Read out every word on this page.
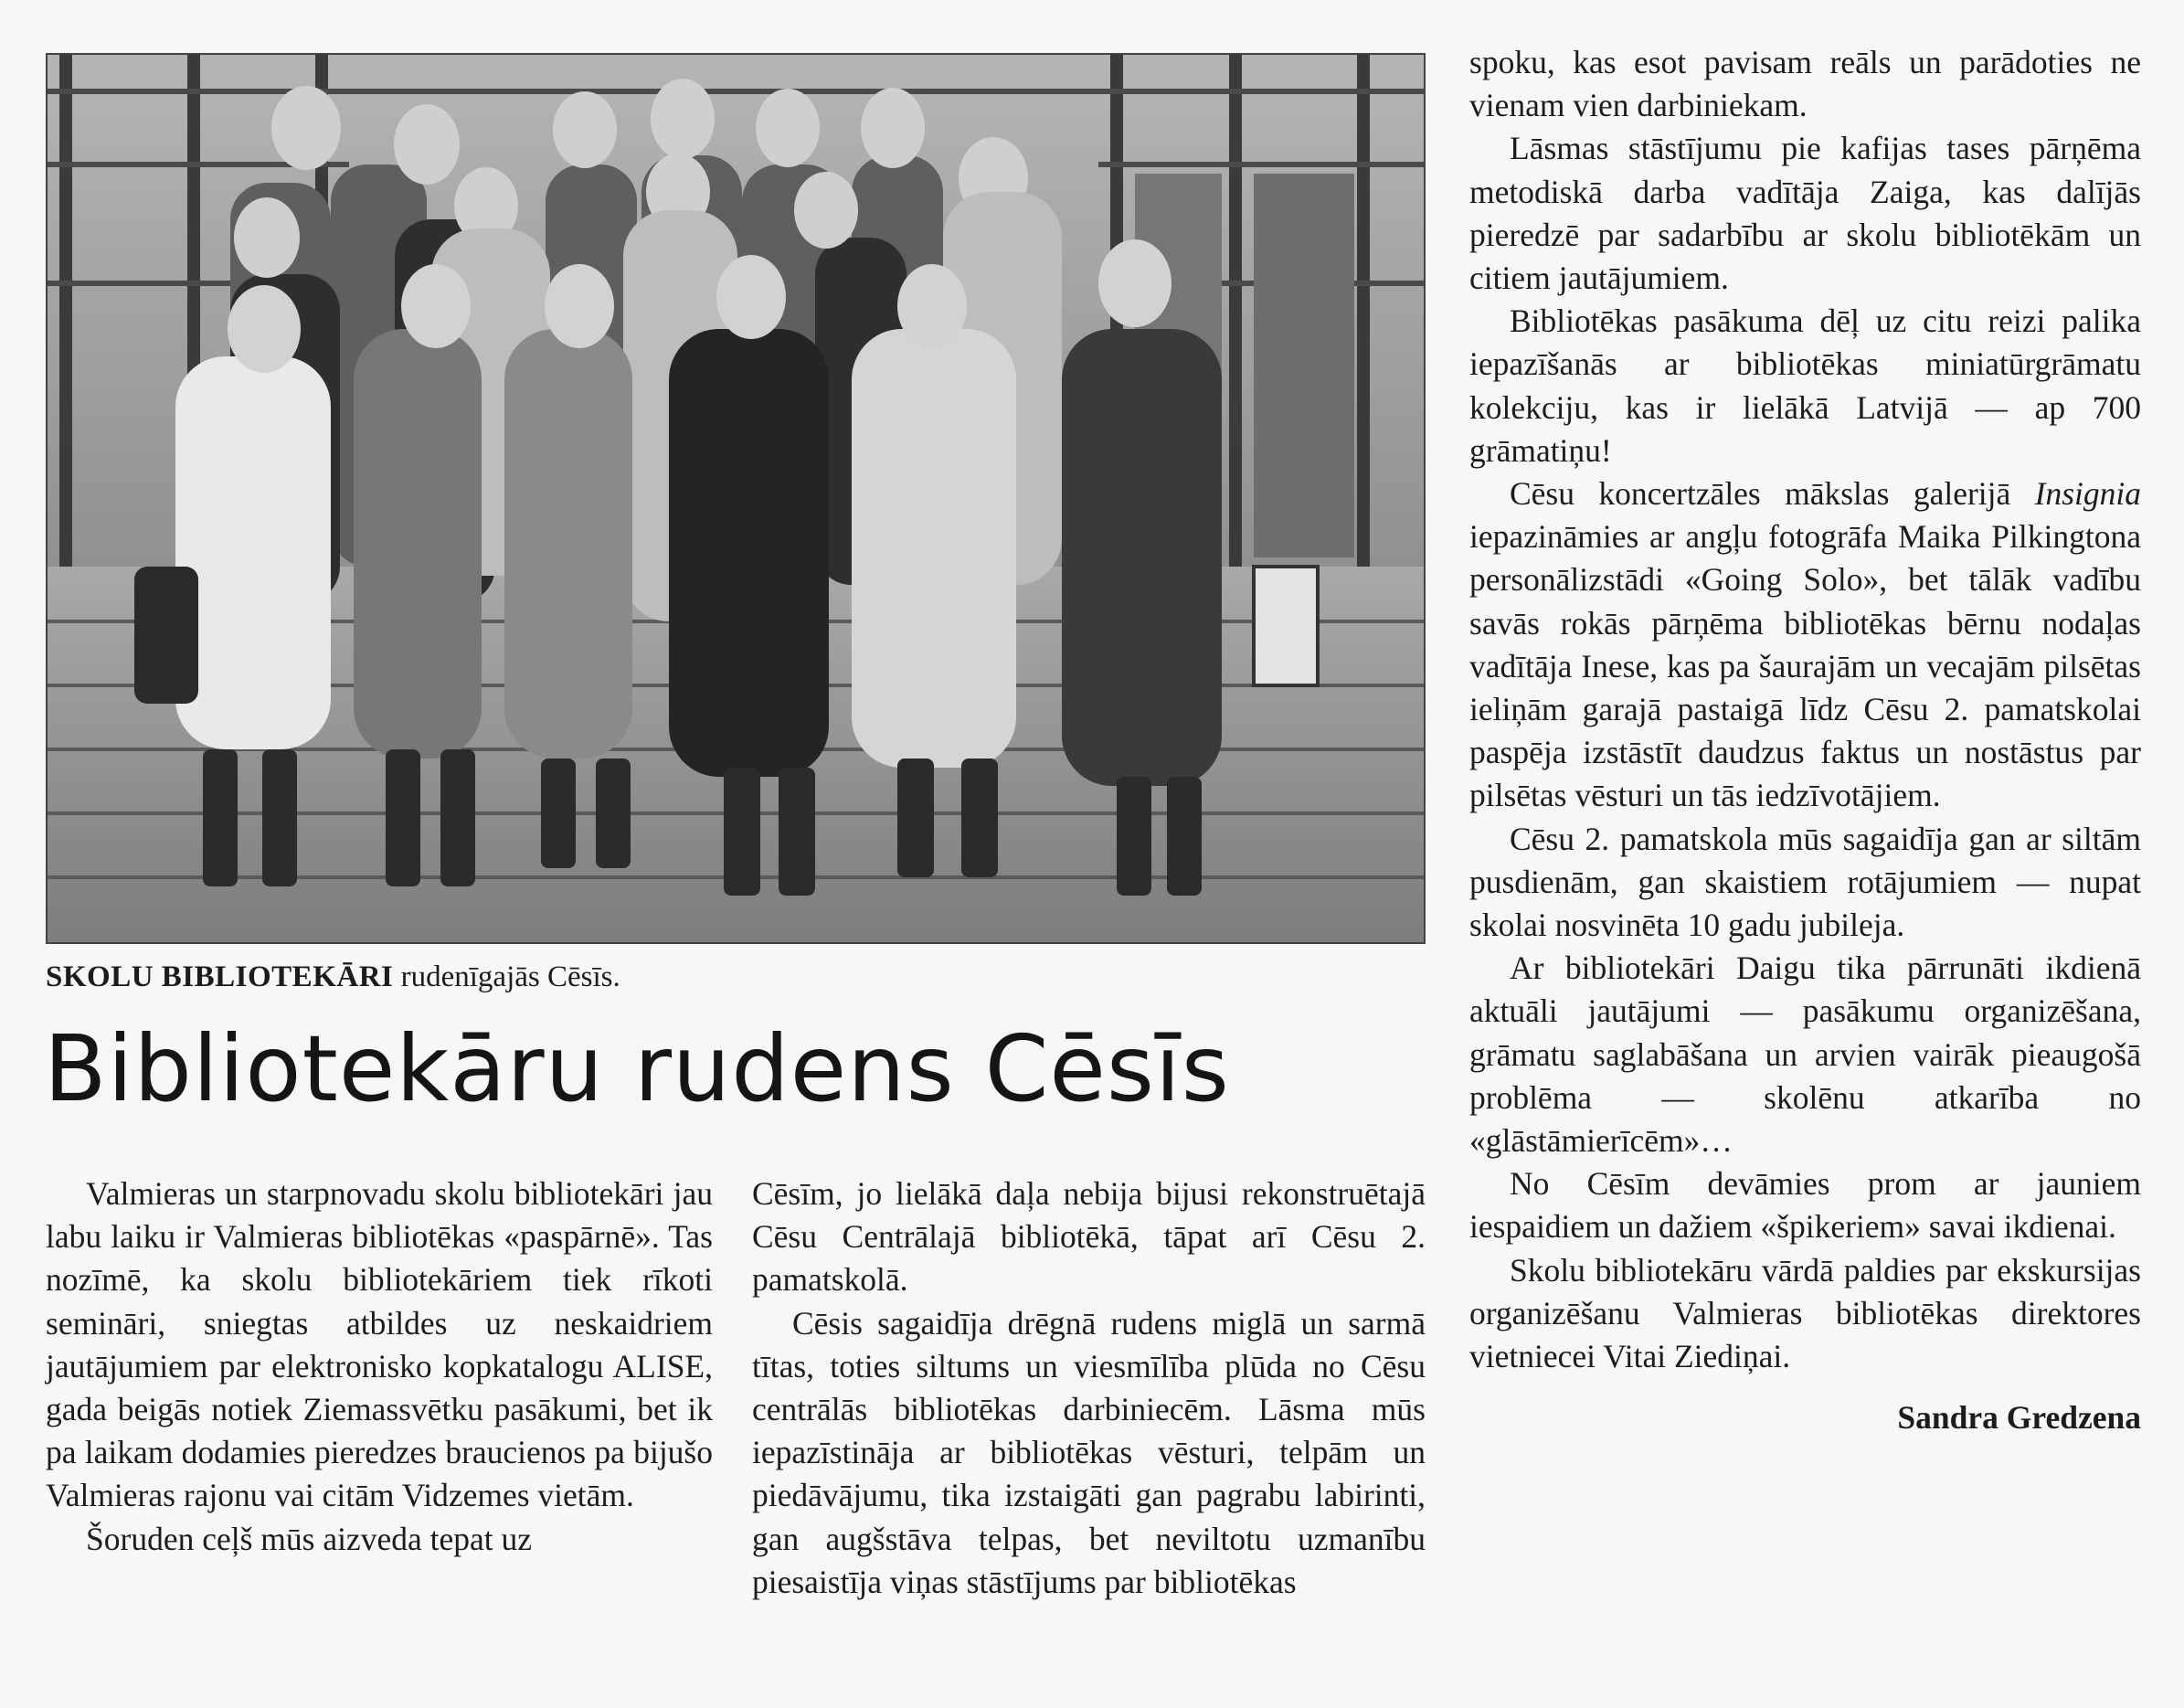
SKOLU BIBLIOTEKĀRI rudenīgajās Cēsīs.
Bibliotekāru rudens Cēsīs

Valmieras un starpnovadu skolu bibliotekāri jau labu laiku ir Valmieras bibliotēkas «paspārnē». Tas nozīmē, ka skolu bibliotekāriem tiek rīkoti semināri, sniegtas atbildes uz neskaidriem jautājumiem par elektronisko kopkatalogu ALISE, gada beigās notiek Ziemassvētku pasākumi, bet ik pa laikam dodamies pieredzes braucienos pa bijušo Valmieras rajonu vai citām Vidzemes vietām.

Šoruden ceļš mūs aizveda tepat uz

Cēsīm, jo lielākā daļa nebija bijusi rekonstruētajā Cēsu Centrālajā bibliotēkā, tāpat arī Cēsu 2. pamatskolā.

Cēsis sagaidīja drēgnā rudens miglā un sarmā tītas, toties siltums un viesmīlība plūda no Cēsu centrālās bibliotēkas darbiniecēm. Lāsma mūs iepazīstināja ar bibliotēkas vēsturi, telpām un piedāvājumu, tika izstaigāti gan pagrabu labirinti, gan augšstāva telpas, bet neviltotu uzmanību piesaistīja viņas stāstījums par bibliotēkas

spoku, kas esot pavisam reāls un parādoties ne vienam vien darbiniekam.

Lāsmas stāstījumu pie kafijas tases pārņēma metodiskā darba vadītāja Zaiga, kas dalījās pieredzē par sadarbību ar skolu bibliotēkām un citiem jautājumiem.

Bibliotēkas pasākuma dēļ uz citu reizi palika iepazīšanās ar bibliotēkas miniatūrgrāmatu kolekciju, kas ir lielākā Latvijā — ap 700 grāmatiņu!

Cēsu koncertzāles mākslas galerijā Insignia iepazināmies ar angļu fotogrāfa Maika Pilkingtona personālizstādi «Going Solo», bet tālāk vadību savās rokās pārņēma bibliotēkas bērnu nodaļas vadītāja Inese, kas pa šaurajām un vecajām pilsētas ieliņām garajā pastaigā līdz Cēsu 2. pamatskolai paspēja izstāstīt daudzus faktus un nostāstus par pilsētas vēsturi un tās iedzīvotājiem.

Cēsu 2. pamatskola mūs sagaidīja gan ar siltām pusdienām, gan skaistiem rotājumiem — nupat skolai nosvinēta 10 gadu jubileja.

Ar bibliotekāri Daigu tika pārrunāti ikdienā aktuāli jautājumi — pasākumu organizēšana, grāmatu saglabāšana un arvien vairāk pieaugošā problēma — skolēnu atkarība no «glāstāmierīcēm»…

No Cēsīm devāmies prom ar jauniem iespaidiem un dažiem «špikeriem» savai ikdienai.

Skolu bibliotekāru vārdā paldies par ekskursijas organizēšanu Valmieras bibliotēkas direktores vietniecei Vitai Ziediņai.

Sandra Gredzena
